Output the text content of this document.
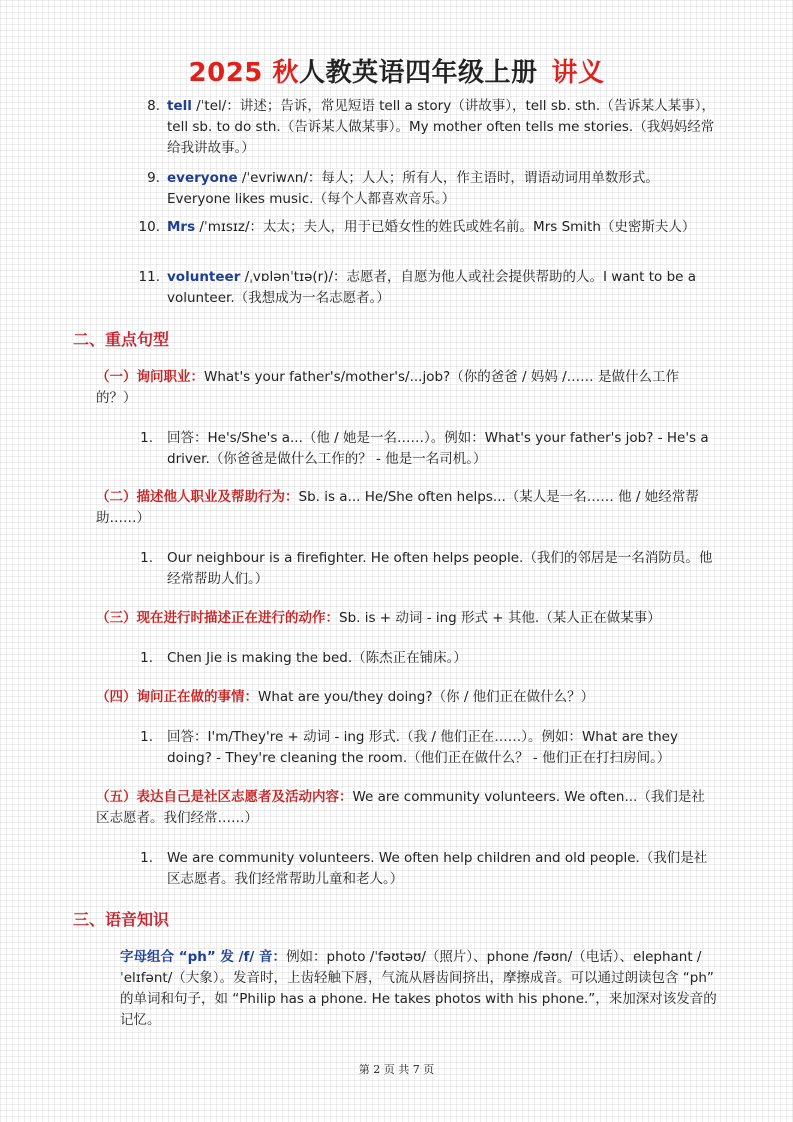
2025 秋人教英语四年级上册 讲义
8. tell /ˈtel/：讲述；告诉，常见短语 tell a story（讲故事），tell sb. sth.（告诉某人某事），tell sb. to do sth.（告诉某人做某事）。My mother often tells me stories.（我妈妈经常给我讲故事。）
9. everyone /ˈevriwʌn/：每人；人人；所有人，作主语时，谓语动词用单数形式。Everyone likes music.（每个人都喜欢音乐。）
10. Mrs /ˈmɪsɪz/：太太；夫人，用于已婚女性的姓氏或姓名前。Mrs Smith（史密斯夫人）
11. volunteer /ˌvɒlənˈtɪə(r)/：志愿者，自愿为他人或社会提供帮助的人。I want to be a volunteer.（我想成为一名志愿者。）
二、重点句型
（一）询问职业：What's your father's/mother's/...job?（你的爸爸 / 妈妈 /…… 是做什么工作的？）
1. 回答：He's/She's a...（他 / 她是一名……）。例如：What's your father's job? - He's a driver.（你爸爸是做什么工作的？ - 他是一名司机。）
（二）描述他人职业及帮助行为：Sb. is a... He/She often helps...（某人是一名…… 他 / 她经常帮助……）
1. Our neighbour is a firefighter. He often helps people.（我们的邻居是一名消防员。他经常帮助人们。）
（三）现在进行时描述正在进行的动作：Sb. is + 动词 - ing 形式 + 其他.（某人正在做某事）
1. Chen Jie is making the bed.（陈杰正在铺床。）
（四）询问正在做的事情：What are you/they doing?（你 / 他们正在做什么？）
1. 回答：I'm/They're + 动词 - ing 形式.（我 / 他们正在……）。例如：What are they doing? - They're cleaning the room.（他们正在做什么？ - 他们正在打扫房间。）
（五）表达自己是社区志愿者及活动内容：We are community volunteers. We often...（我们是社区志愿者。我们经常……）
1. We are community volunteers. We often help children and old people.（我们是社区志愿者。我们经常帮助儿童和老人。）
三、语音知识
字母组合 “ph” 发 /f/ 音：例如：photo /ˈfəʊtəʊ/（照片）、phone /fəʊn/（电话）、elephant /ˈelɪfənt/（大象）。发音时，上齿轻触下唇，气流从唇齿间挤出，摩擦成音。可以通过朗读包含 “ph” 的单词和句子，如 “Philip has a phone. He takes photos with his phone.”，来加深对该发音的记忆。
第 2 页 共 7 页
